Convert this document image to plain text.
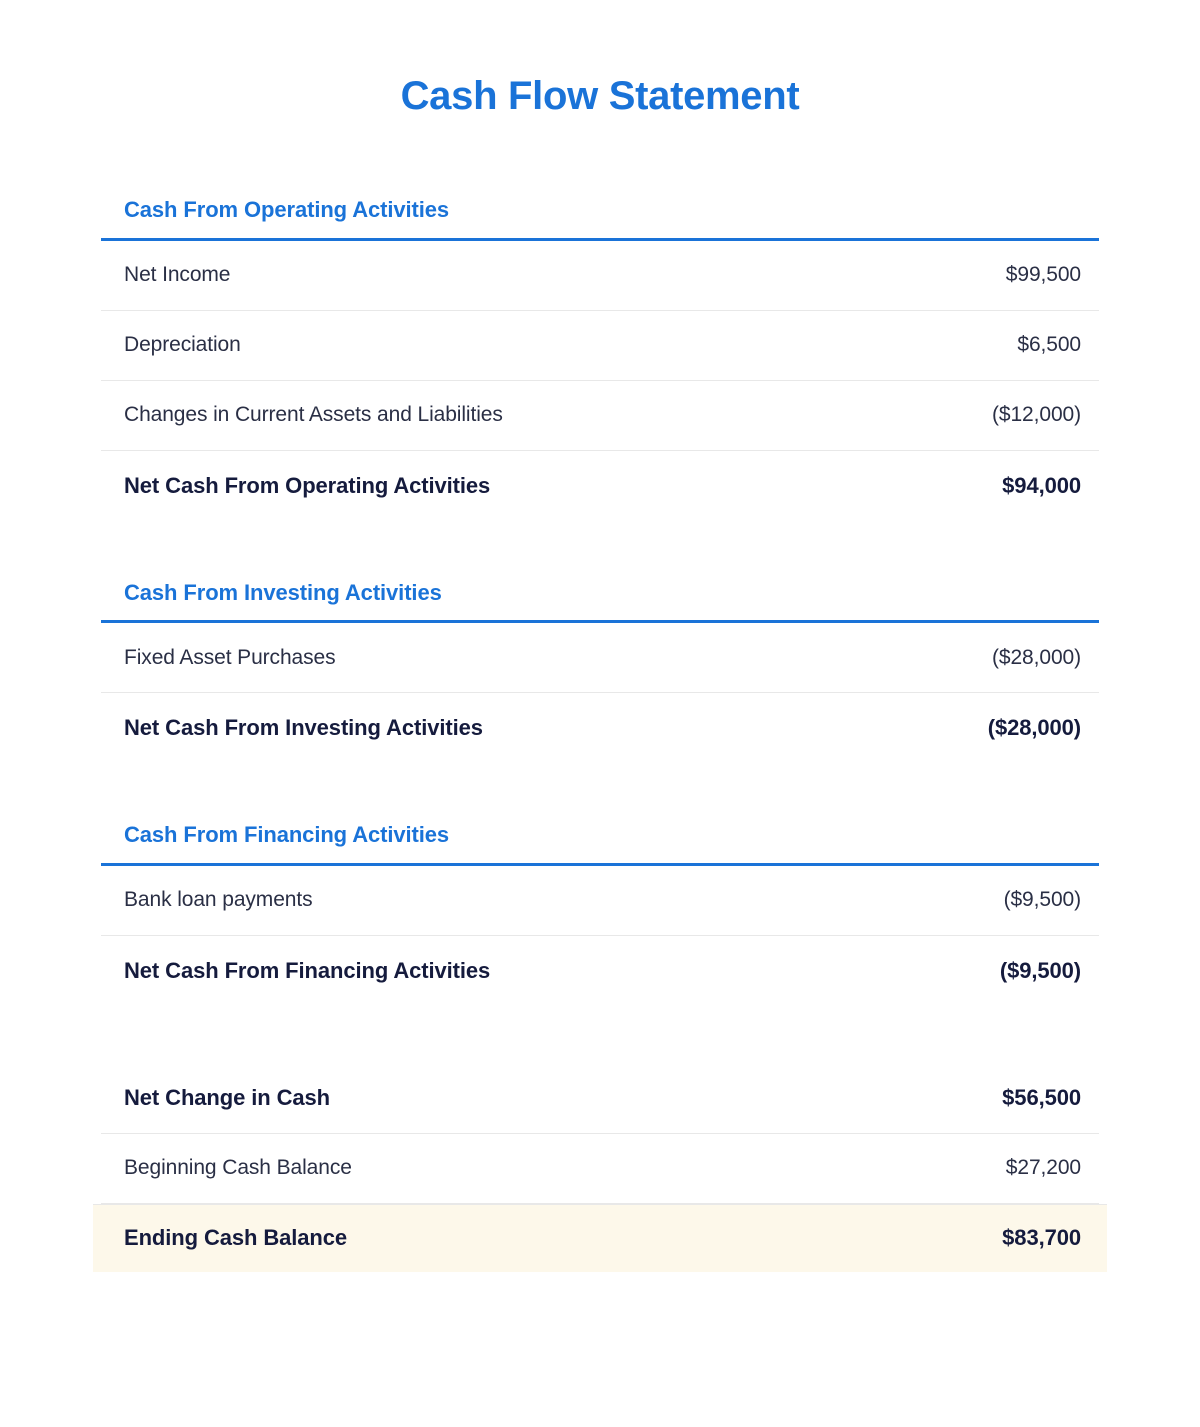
Cash Flow Statement
Cash From Operating Activities
Net Income	$99,500
Depreciation	$6,500
Changes in Current Assets and Liabilities	($12,000)
Net Cash From Operating Activities	$94,000
Cash From Investing Activities
Fixed Asset Purchases	($28,000)
Net Cash From Investing Activities	($28,000)
Cash From Financing Activities
Bank loan payments	($9,500)
Net Cash From Financing Activities	($9,500)
Net Change in Cash	$56,500
Beginning Cash Balance	$27,200
Ending Cash Balance	$83,700
